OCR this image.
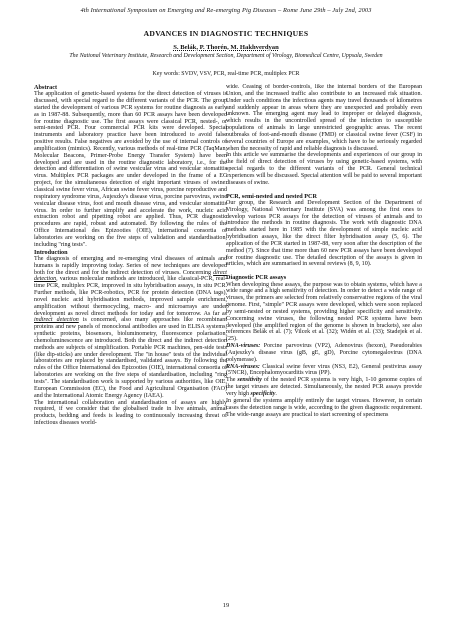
4th International Symposium on Emerging and Re-emerging Pig Diseases – Rome June 29th – July 2nd, 2003
ADVANCES IN DIAGNOSTIC TECHNIQUES
S. Belák, P. Thorén, M. Hakhverdyan
The National Veterinary Institute, Research and Development Section, Department of Virology, Biomedical Centre, Uppsala, Sweden
Key words: SVDV, VSV, PCR, real-time PCR, multiplex PCR
Abstract

The application of genetic-based systems for the direct detection of viruses is discussed, with special regard to the different variants of the PCR. The group started the development of various PCR systems for routine diagnosis as early as in 1987-88. Subsequently, more than 60 PCR assays have been developed for routine diagnostic use. The first assays were classical PCR, nested-, or semi-nested PCR. Four commercial PCR kits were developed. Special instruments and laboratory practice have been introduced to avoid false positive results. False negatives are avoided by the use of internal controls of amplification (mimics). Recently, various methods of real-time PCR (TaqMan, Molecular Beacons, Primer-Probe Energy Transfer System) have been developed and are used in the routine diagnostic laboratory, i.e., for the detection and differentiation of swine vesicular virus and vesicular stomatitis virus. Multiplex PCR packages are under developed in the frame of a EC project, for the simultaneous detection of eight important viruses of swine: classical swine fever virus, African swine fever virus, porcine reproductive and respiratory syndrome virus, Aujeszky's disease virus, porcine parvovirus, swine vesicular disease virus, foot and mouth disease virus, and vesicular stomatitis virus. In order to further simplify and accelerate the work, nucleic acid extraction robot and pipetting robot are applied. Thus, PCR diagnostic procedures are rapid, robust and automated. By following the rules of the Office International des Epizooties (OIE), international consortia of laboratories are working on the five steps of validation and standardisation, including "ring tests".

Introduction

The diagnosis of emerging and re-emerging viral diseases of animals and humans is rapidly improving today. Series of new techniques are developed both for the direct and for the indirect detection of viruses. Concerning direct detection, various molecular methods are introduced, like classical-PCR, real-time PCR, multiplex PCR, improved in situ hybridisation assays, in situ PCR. Further methods, like PCR-robotics, PCR for protein detection (DNA tags), novel nucleic acid hybridisation methods, improved sample enrichment, amplification without thermocycling, macro- and microarrays are under development as novel direct methods for today and for tomorrow. As far as indirect detection is concerned, also many approaches like recombinant proteins and new panels of monoclonal antibodies are used in ELISA systems, synthetic proteins, biosensors, bioluminometry, fluorescence polarisation, chemoluminescence are introduced. Both the direct and the indirect detection methods are subjects of simplification. Portable PCR machines, pen-side tests (like dip-sticks) are under development. The "in house" tests of the individual laboratories are replaced by standardised, validated assays. By following the rules of the Office International des Epizooties (OIE), international consortia of laboratories are working on the five steps of standardisation, including "ring tests". The standardisation work is supported by various authorities, like OIE, European Commission (EC), the Food and Agricultural Organisation (FAO) and the International Atomic Energy Agency (IAEA).

The international collaboration and standardisation of assays are highly required, if we consider that the globalised trade in live animals, animal products, bedding and feeds is leading to continuously increasing threat of infectious diseases world-

wide. Ceasing of border-controls, like the internal borders of the European Union, and the increased traffic also contribute to an increased risk situation. Under such conditions the infectious agents may travel thousands of kilometres and suddenly appear in areas where they are unexpected and probably even unknown. The emerging agent may lead to improper or delayed diagnosis, which results in the uncontrolled spread of the infection to susceptible populations of animals in large unrestricted geographic areas. The recent outbreaks of foot-and-mouth disease (FMD) or classical swine fever (CSF) in several countries of Europe are examples, which have to be seriously regarded when the necessity of rapid and reliable diagnosis is discussed.

In this article we summarise the developments and experiences of our group in the field of direct detection of viruses by using genetic-based systems, with special regards to the different variants of the PCR. General technical experiences will be discussed. Special attention will be paid to several important diseases of swine.

PCR, semi-nested and nested PCR

Our group, the Research and Development Section of the Department of Virology, National Veterinary Institute (SVA) was among the first ones to develop various PCR assays for the detection of viruses of animals and to introduce the methods in routine diagnosis. The work with diagnostic DNA methods started here in 1985 with the development of simple nucleic acid hybridisation assays, like the direct filter hybridisation assay (5, 6). The application of the PCR started in 1987-88, very soon after the description of the method (7). Since that time more than 60 new PCR assays have been developed for routine diagnostic use. The detailed description of the assays is given in articles, which are summarised in several reviews (8, 9, 10).

Diagnostic PCR assays

When developing these assays, the purpose was to obtain systems, which have a wide range and a high sensitivity of detection. In order to detect a wide range of viruses, the primers are selected from relatively conservative regions of the viral genome. First, "simple" PCR assays were developed, which were soon replaced by semi-nested or nested systems, providing higher specificity and sensitivity. Concerning swine viruses, the following nested PCR systems have been developed (the amplified region of the genome is shown in brackets), see also references Belák et al. (7); Vilcek et al. (32); Widén et al. (33); Stadejek et al. (25).

DNA-viruses: Porcine parvovirus (VP2), Adenovirus (hexon), Pseudorabies (Aujeszky's disease virus (gB, gE, gD), Porcine cytomegalovirus (DNA polymerase).

RNA-viruses: Classical swine fever virus (NS3, E2), General pestivirus assay (5'NCR), Encephalomyocarditis virus (PP).

The sensitivity of the nested PCR systems is very high, 1-10 genome copies of the target viruses are detected. Simultaneously, the nested PCR assays provide very high specificity.

In general the systems amplify entirely the target viruses. However, in certain cases the detection range is wide, according to the given diagnostic requirement. The wide-range assays are practical to start screening of specimens

19
